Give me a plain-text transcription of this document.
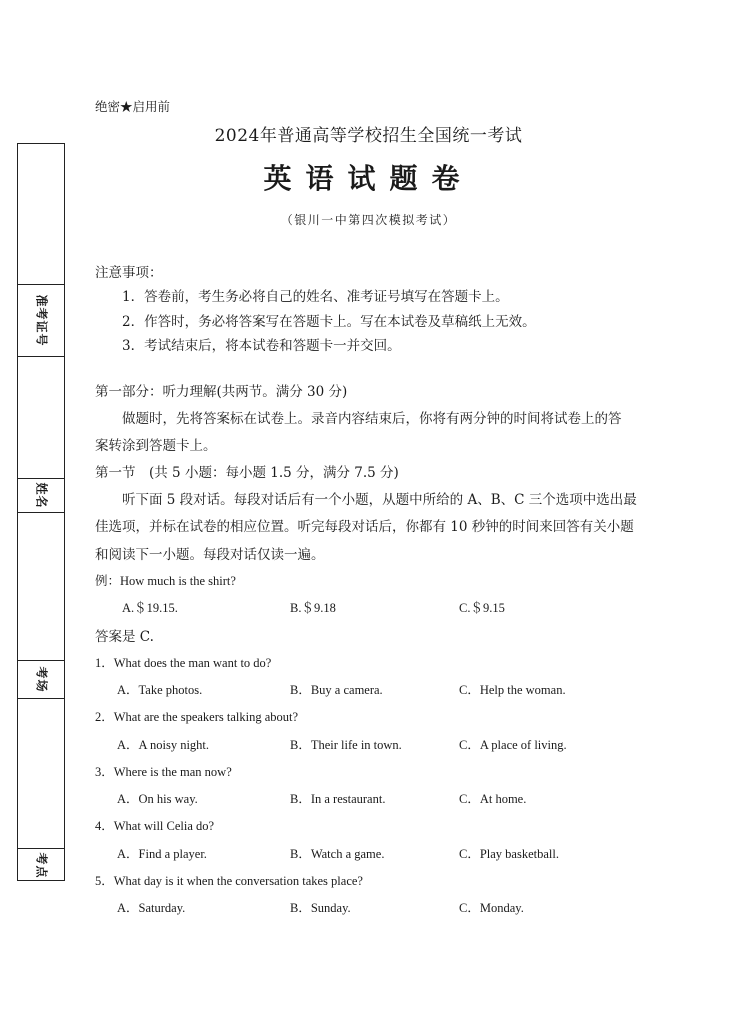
准考证号
姓名
考场
考点
绝密★启用前
2024年普通高等学校招生全国统一考试
英语试题卷
（银川一中第四次模拟考试）
注意事项：
1．答卷前，考生务必将自己的姓名、准考证号填写在答题卡上。
2．作答时，务必将答案写在答题卡上。写在本试卷及草稿纸上无效。
3．考试结束后，将本试卷和答题卡一并交回。
第一部分：听力理解(共两节。满分 30 分)
做题时，先将答案标在试卷上。录音内容结束后，你将有两分钟的时间将试卷上的答
案转涂到答题卡上。
第一节　(共 5 小题：每小题 1.5 分，满分 7.5 分)
听下面 5 段对话。每段对话后有一个小题，从题中所给的 A、B、C 三个选项中选出最
佳选项，并标在试卷的相应位置。听完每段对话后，你都有 10 秒钟的时间来回答有关小题
和阅读下一小题。每段对话仅读一遍。
例：How much is the shirt?
A.＄19.15.	B.＄9.18	C.＄9.15
答案是 C.
1．What does the man want to do?
A．Take photos.	B．Buy a camera.	C．Help the woman.
2．What are the speakers talking about?
A．A noisy night.	B．Their life in town.	C．A place of living.
3．Where is the man now?
A．On his way.	B．In a restaurant.	C．At home.
4．What will Celia do?
A．Find a player.	B．Watch a game.	C．Play basketball.
5．What day is it when the conversation takes place?
A．Saturday.	B．Sunday.	C．Monday.
